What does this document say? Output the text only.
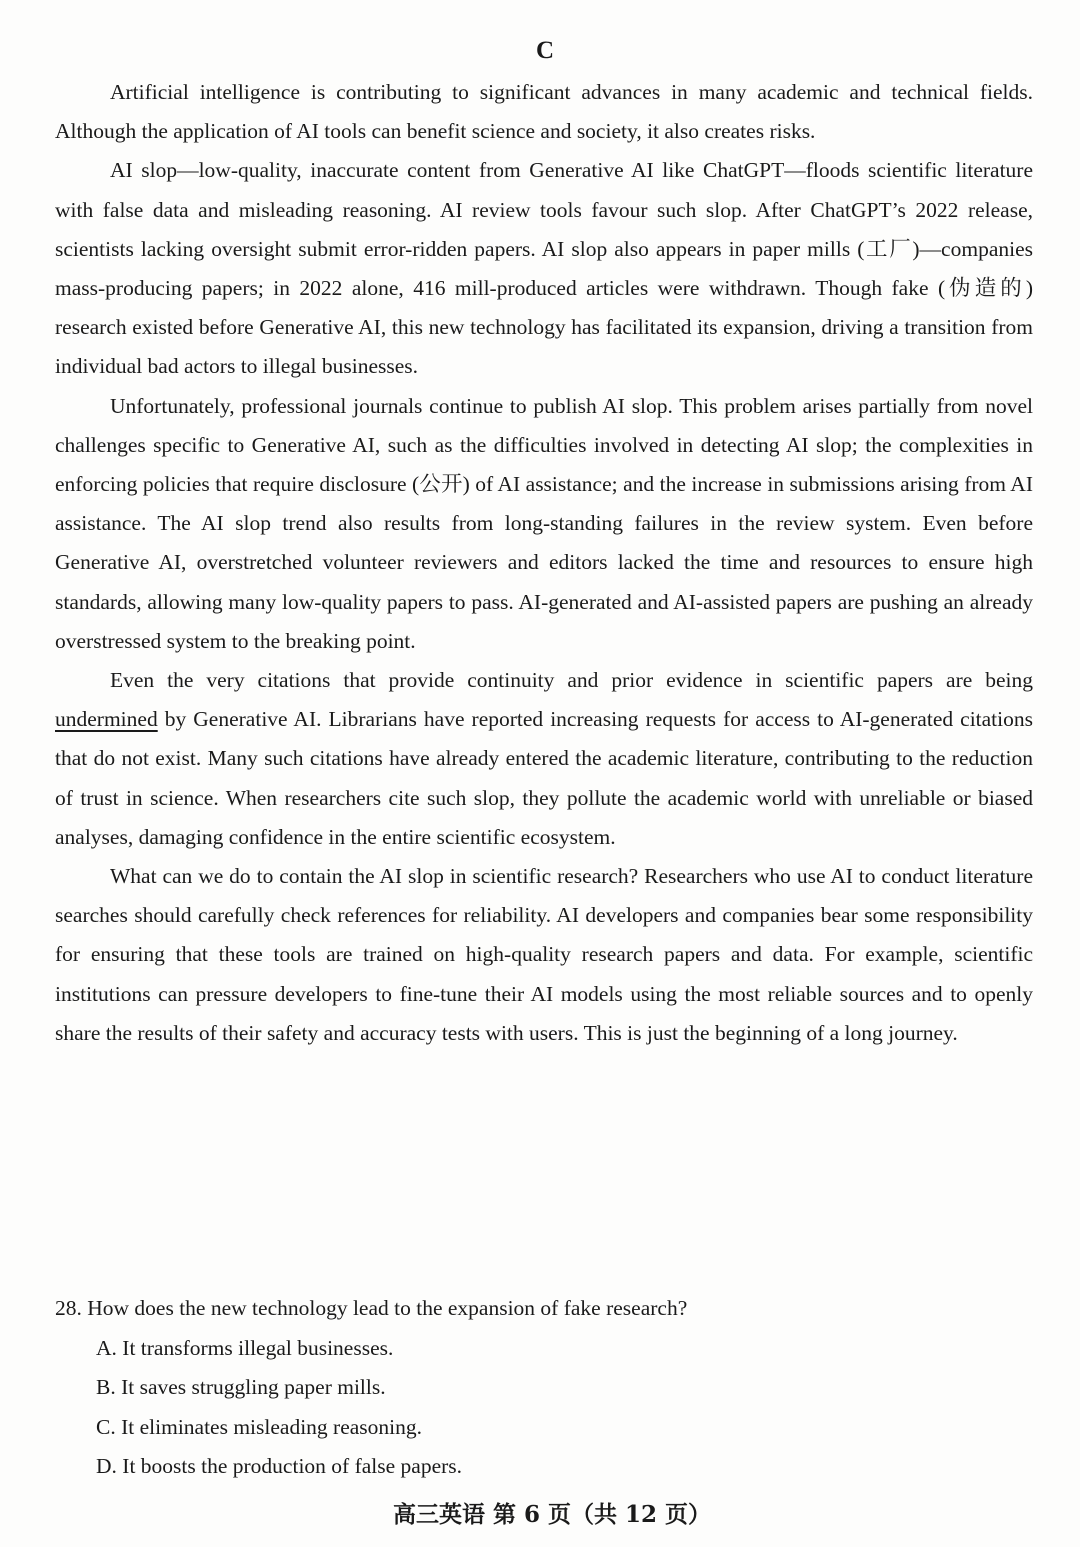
C

Artificial intelligence is contributing to significant advances in many academic and technical fields. Although the application of AI tools can benefit science and society, it also creates risks.

AI slop—low-quality, inaccurate content from Generative AI like ChatGPT—floods scientific literature with false data and misleading reasoning. AI review tools favour such slop. After ChatGPT’s 2022 release, scientists lacking oversight submit error-ridden papers. AI slop also appears in paper mills (工厂)—companies mass-producing papers; in 2022 alone, 416 mill-produced articles were withdrawn. Though fake (伪造的) research existed before Generative AI, this new technology has facilitated its expansion, driving a transition from individual bad actors to illegal businesses.

Unfortunately, professional journals continue to publish AI slop. This problem arises partially from novel challenges specific to Generative AI, such as the difficulties involved in detecting AI slop; the complexities in enforcing policies that require disclosure (公开) of AI assistance; and the increase in submissions arising from AI assistance. The AI slop trend also results from long-standing failures in the review system. Even before Generative AI, overstretched volunteer reviewers and editors lacked the time and resources to ensure high standards, allowing many low-quality papers to pass. AI-generated and AI-assisted papers are pushing an already overstressed system to the breaking point.

Even the very citations that provide continuity and prior evidence in scientific papers are being undermined by Generative AI. Librarians have reported increasing requests for access to AI-generated citations that do not exist. Many such citations have already entered the academic literature, contributing to the reduction of trust in science. When researchers cite such slop, they pollute the academic world with unreliable or biased analyses, damaging confidence in the entire scientific ecosystem.

What can we do to contain the AI slop in scientific research? Researchers who use AI to conduct literature searches should carefully check references for reliability. AI developers and companies bear some responsibility for ensuring that these tools are trained on high-quality research papers and data. For example, scientific institutions can pressure developers to fine-tune their AI models using the most reliable sources and to openly share the results of their safety and accuracy tests with users. This is just the beginning of a long journey.

28. How does the new technology lead to the expansion of fake research?

A. It transforms illegal businesses.
B. It saves struggling paper mills.
C. It eliminates misleading reasoning.
D. It boosts the production of false papers.
高三英语 第 6 页（共 12 页）
